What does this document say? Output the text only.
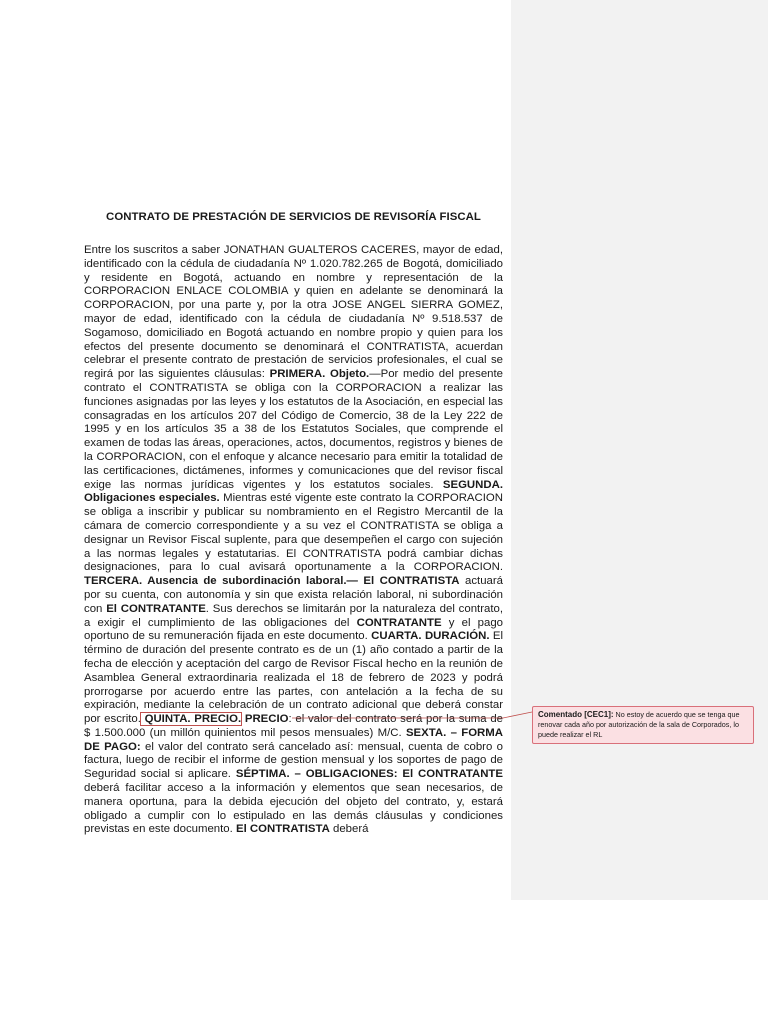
CONTRATO DE PRESTACIÓN DE SERVICIOS DE REVISORÍA FISCAL
Entre los suscritos a saber JONATHAN GUALTEROS CACERES, mayor de edad, identificado con la cédula de ciudadanía Nº 1.020.782.265 de Bogotá, domiciliado y residente en Bogotá, actuando en nombre y representación de la CORPORACION ENLACE COLOMBIA y quien en adelante se denominará la CORPORACION, por una parte y, por la otra JOSE ANGEL SIERRA GOMEZ, mayor de edad, identificado con la cédula de ciudadanía Nº 9.518.537 de Sogamoso, domiciliado en Bogotá actuando en nombre propio y quien para los efectos del presente documento se denominará el CONTRATISTA, acuerdan celebrar el presente contrato de prestación de servicios profesionales, el cual se regirá por las siguientes cláusulas: PRIMERA. Objeto.—Por medio del presente contrato el CONTRATISTA se obliga con la CORPORACION a realizar las funciones asignadas por las leyes y los estatutos de la Asociación, en especial las consagradas en los artículos 207 del Código de Comercio, 38 de la Ley 222 de 1995 y en los artículos 35 a 38 de los Estatutos Sociales, que comprende el examen de todas las áreas, operaciones, actos, documentos, registros y bienes de la CORPORACION, con el enfoque y alcance necesario para emitir la totalidad de las certificaciones, dictámenes, informes y comunicaciones que del revisor fiscal exige las normas jurídicas vigentes y los estatutos sociales. SEGUNDA. Obligaciones especiales. Mientras esté vigente este contrato la CORPORACION se obliga a inscribir y publicar su nombramiento en el Registro Mercantil de la cámara de comercio correspondiente y a su vez el CONTRATISTA se obliga a designar un Revisor Fiscal suplente, para que desempeñen el cargo con sujeción a las normas legales y estatutarias. El CONTRATISTA podrá cambiar dichas designaciones, para lo cual avisará oportunamente a la CORPORACION. TERCERA. Ausencia de subordinación laboral.— El CONTRATISTA actuará por su cuenta, con autonomía y sin que exista relación laboral, ni subordinación con El CONTRATANTE. Sus derechos se limitarán por la naturaleza del contrato, a exigir el cumplimiento de las obligaciones del CONTRATANTE y el pago oportuno de su remuneración fijada en este documento. CUARTA. DURACIÓN. El término de duración del presente contrato es de un (1) año contado a partir de la fecha de elección y aceptación del cargo de Revisor Fiscal hecho en la reunión de Asamblea General extraordinaria realizada el 18 de febrero de 2023 y podrá prorrogarse por acuerdo entre las partes, con antelación a la fecha de su expiración, mediante la celebración de un contrato adicional que deberá constar por escrito. QUINTA. PRECIO. PRECIO: el valor del contrato será por la suma de $ 1.500.000 (un millón quinientos mil pesos mensuales) M/C. SEXTA. – FORMA DE PAGO: el valor del contrato será cancelado así: mensual, cuenta de cobro o factura, luego de recibir el informe de gestion mensual y los soportes de pago de Seguridad social si aplicare. SÉPTIMA. – OBLIGACIONES: El CONTRATANTE deberá facilitar acceso a la información y elementos que sean necesarios, de manera oportuna, para la debida ejecución del objeto del contrato, y, estará obligado a cumplir con lo estipulado en las demás cláusulas y condiciones previstas en este documento. El CONTRATISTA deberá
Comentado [CEC1]: No estoy de acuerdo que se tenga que renovar cada año por autorización de la sala de Corporados, lo puede realizar el RL
